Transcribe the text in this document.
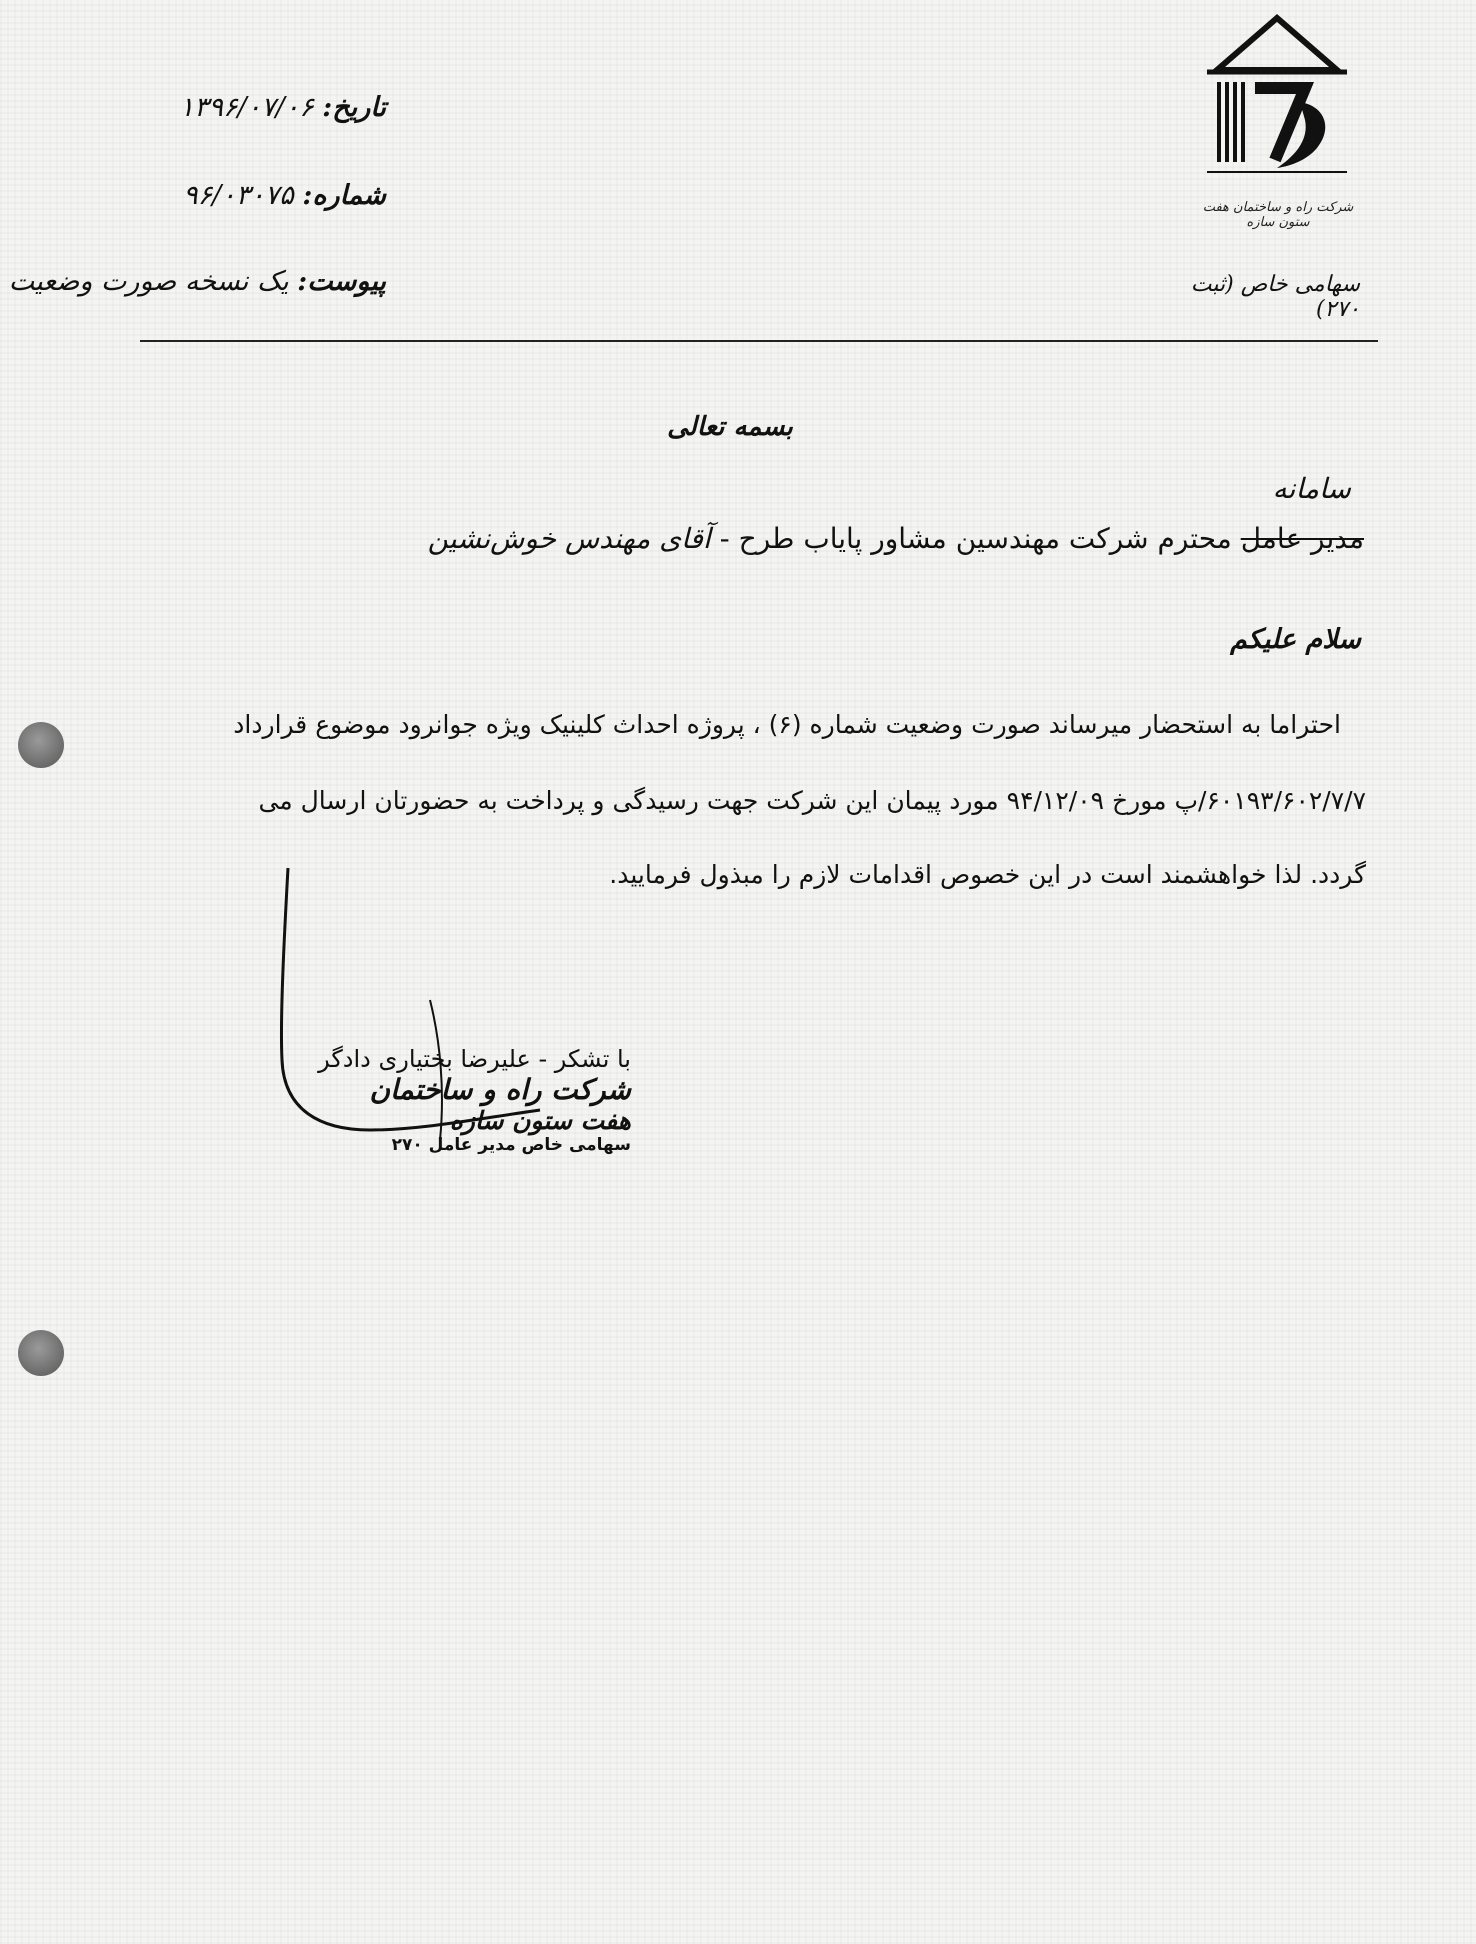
شرکت راه و ساختمان هفت ستون سازه
سهامی خاص (ثبت ۲۷۰)
تاریخ: ۱۳۹۶/۰۷/۰۶
شماره: ۹۶/۰۳۰۷۵
پیوست: یک نسخه صورت وضعیت
بسمه تعالی
سامانه
مدیر عامل محترم شرکت مهندسین مشاور پایاب طرح - آقای مهندس خوش‌نشین
سلام علیکم
احتراما به استحضار میرساند صورت وضعیت شماره (۶) ، پروژه احداث کلینیک ویژه جوانرود موضوع قرارداد
۶۰۱۹۳/۶۰۲/۷/۷/پ مورخ ۹۴/۱۲/۰۹ مورد پیمان این شرکت جهت رسیدگی و پرداخت به حضورتان ارسال می
گردد. لذا خواهشمند است در این خصوص اقدامات لازم را مبذول فرمایید.
با تشکر - علیرضا بختیاری دادگر
شرکت راه و ساختمان
هفت ستون سازه
سهامی خاص مدیر عامل ۲۷۰
